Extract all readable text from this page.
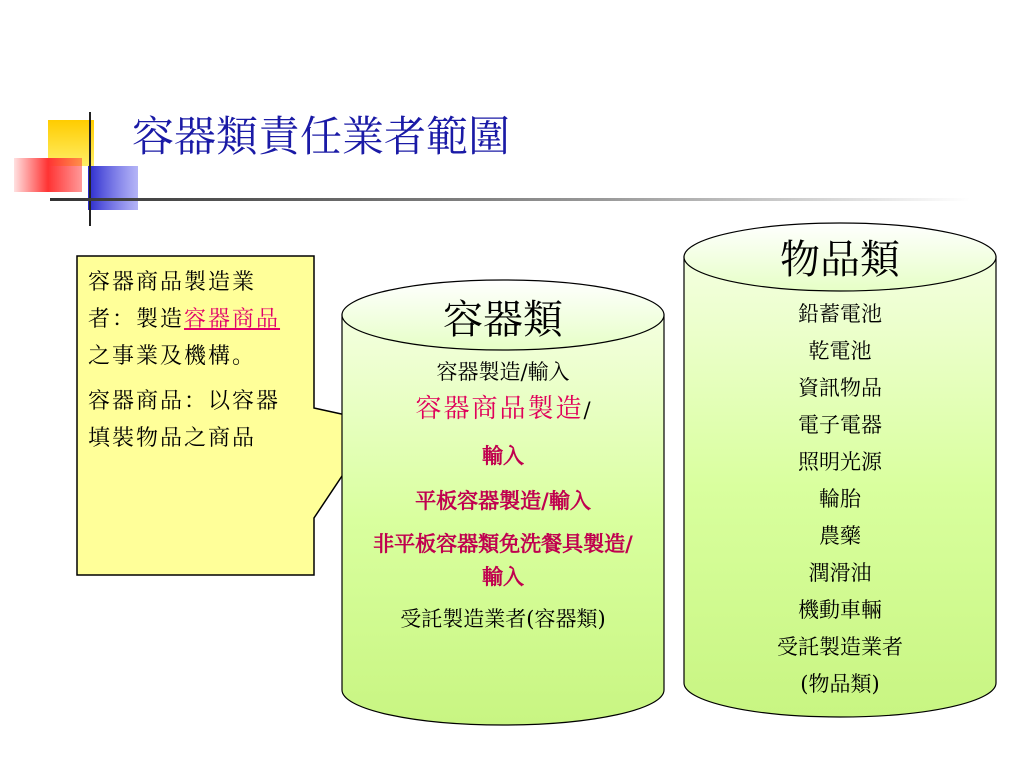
容器類責任業者範圍

容器商品製造業者：製造容器商品之事業及機構。

容器商品：以容器填裝物品之商品

容器類
容器製造/輸入
容器商品製造/
輸入
平板容器製造/輸入
非平板容器類免洗餐具製造/輸入
受託製造業者(容器類)
物品類
鉛蓄電池
乾電池
資訊物品
電子電器
照明光源
輪胎
農藥
潤滑油
機動車輛
受託製造業者
(物品類)
